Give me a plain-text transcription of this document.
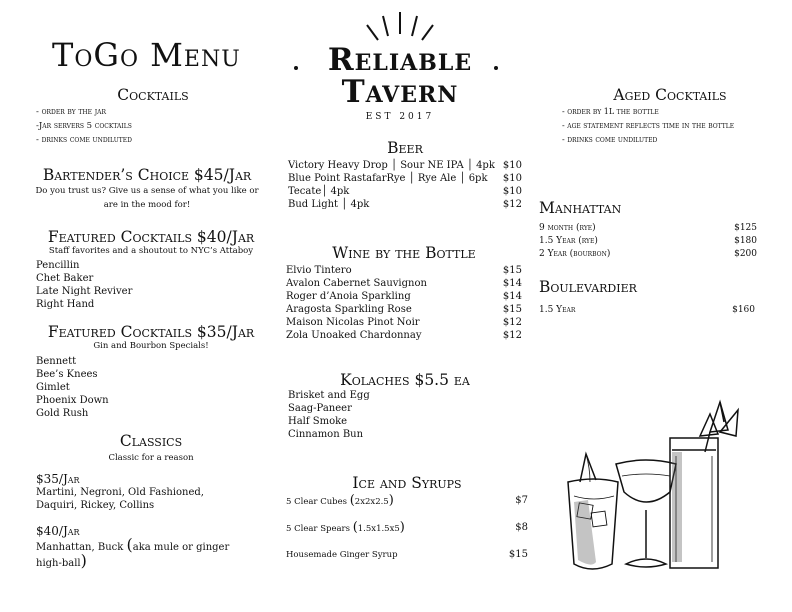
ToGo Menu	Reliable
Tavern
EST 2017
Cocktails
- order by the jar
-Jar servers 5 cocktails
- drinks come undiluted
Bartender’s Choice $45/Jar
Do you trust us? Give us a sense of what you like or are in the mood for!
Featured Cocktails $40/Jar
Staff favorites and a shoutout to NYC’s Attaboy
Pencillin
Chet Baker
Late Night Reviver
Right Hand
Featured Cocktails $35/Jar
Gin and Bourbon Specials!
Bennett
Bee’s Knees
Gimlet
Phoenix Down
Gold Rush
Classics
Classic for a reason
$35/Jar
Martini, Negroni, Old Fashioned, Daquiri, Rickey, Collins
$40/Jar
Manhattan, Buck (aka mule or ginger high-ball)
Beer
Victory Heavy Drop │ Sour NE IPA │ 4pk $10
Blue Point RastafarRye │ Rye Ale │ 6pk $10
Tecate│ 4pk	$10
Bud Light │ 4pk	$12
Wine by the Bottle
Elvio Tintero	$15
Avalon Cabernet Sauvignon	$14
Roger d’Anoia Sparkling	$14
Aragosta Sparkling Rose	$15
Maison Nicolas Pinot Noir	$12
Zola Unoaked Chardonnay	$12
Kolaches $5.5 ea
Brisket and Egg
Saag-Paneer
Half Smoke
Cinnamon Bun
Ice and Syrups
5 Clear Cubes (2x2x2.5)	$7
5 Clear Spears (1.5x1.5x5)	$8
Housemade Ginger Syrup	$15
Aged Cocktails
- order by 1L the bottle
- age statement reflects time in the bottle
- drinks come undiluted
Manhattan
9 month (rye)	$125
1.5 Year (rye)	$180
2 Year (bourbon)	$200
Boulevardier
1.5 Year	$160
